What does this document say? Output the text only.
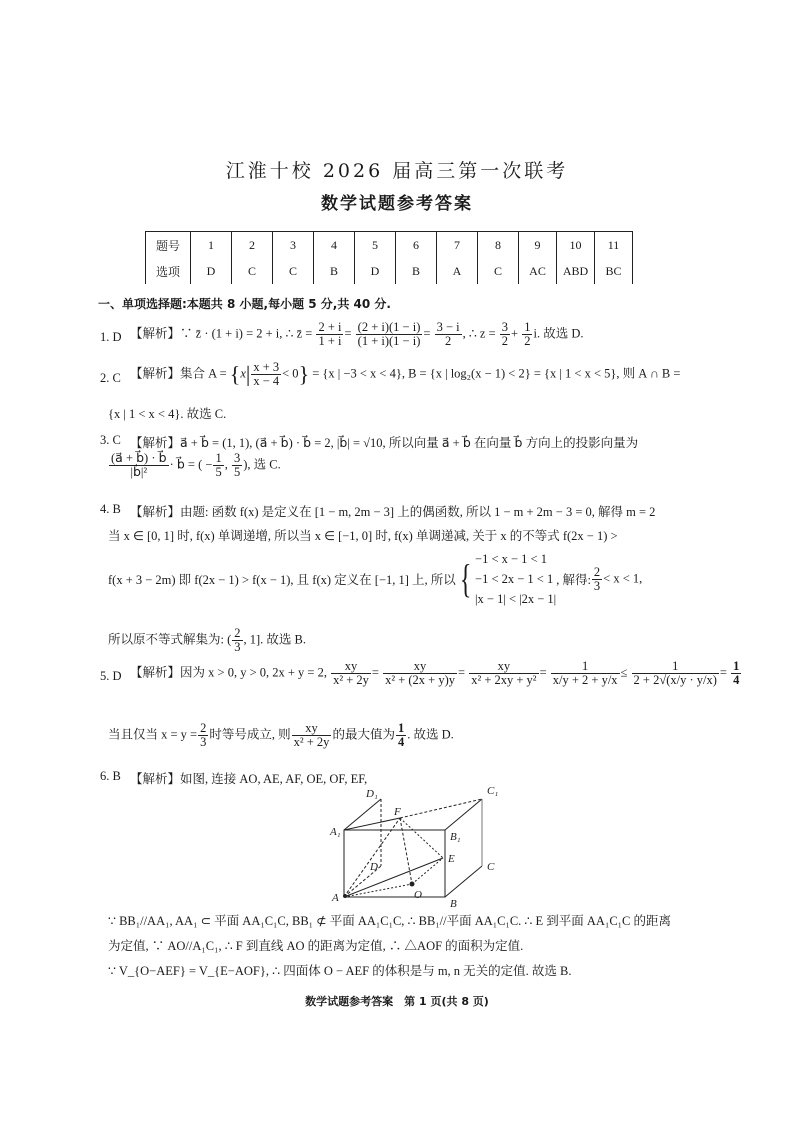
江淮十校 2026 届高三第一次联考
数学试题参考答案
题号	1	2	3	4	5	6	7	8	9	10	11
选项	D	C	C	B	D	B	A	C	AC	ABD	BC
一、单项选择题:本题共 8 小题,每小题 5 分,共 40 分.
1. D 【解析】∵ z̄ · (1 + i) = 2 + i, ∴ z̄ = $\frac{2 + i}{1 + i} = \frac{(2 + i)(1 - i)}{(1 + i)(1 - i)} = \frac{3 - i}{2}$ , ∴ $z = \frac{3}{2} + \frac{1}{2} i$. 故选 D.
2. C 【解析】集合 $A = \{x| \frac{x + 3}{x - 4} < 0\} = \{x$ | −3 < x < 4}, B = {x | log₂(x − 1) < 2} = {x | 1 < x < 5}, 则 A ∩ B =
{x | 1 < x < 4}. 故选 C.
3. C 【解析】a⃗ + b⃗ = (1, 1), (a⃗ + b⃗) · b⃗ = 2, |b⃗| = √10, 所以向量 a⃗ + b⃗ 在向量 b⃗ 方向上的投影向量为
$\frac{(a⃗ + b⃗) \cdot b⃗}{\text{|b⃗|²}}$ · b⃗ = ( − $\frac{1}{5}$ , $\frac{3}{5}$ ), 选 C.
4. B 【解析】由题: 函数 f(x) 是定义在 [1 − m, 2m − 3] 上的偶函数, 所以 1 − m + 2m − 3 = 0, 解得 m = 2
当 x ∈ [0, 1] 时, f(x) 单调递增, 所以当 x ∈ [−1, 0] 时, f(x) 单调递减, 关于 x 的不等式 f(2x − 1) >
f(x + 3 − 2m) 即 f(2x − 1) > f(x − 1), 且 f(x) 定义在 [−1, 1] 上, 所以{ −1 < x − 1 < 1
−1 < 2x − 1 < 1
|x − 1| < |2x − 1|
, 解得: $\frac{2}{3} < x < 1$,
所以原不等式解集为: ( $\frac{2}{3}$ , 1]. 故选 B.
5. D 【解析】因为 x > 0, y > 0, 2x + y = 2, $\frac{xy}{\text{x² + 2y}} = \frac{xy}{\text{x² + (2x + y)y}} = \frac{xy}{\text{x² + 2xy + y²}} = \frac{1}{x/y + 2 + y/x} \le \frac{1}{2 + 2√(x/y \cdot y/x)} = \frac{1}{4}$
当且仅当 $x = y = \frac{2}{3}$ 时等号成立, 则 $\frac{xy}{\text{x² + 2y}}$ 的最大值为 $\frac{1}{4}$ . 故选 D.
6. B 【解析】如图, 连接 AO, AE, AF, OE, OF, EF,
D₁
F
C₁
A₁	B₁
E
D	C
A	O
B
∵ BB₁//AA₁, AA₁ ⊂ 平面 AA₁C₁C, BB₁ ⊄ 平面 AA₁C₁C, ∴ BB₁//平面 AA₁C₁C. ∴ E 到平面 AA₁C₁C 的距离
为定值, ∵ AO//A₁C₁, ∴ F 到直线 AO 的距离为定值, ∴ △AOF 的面积为定值.
∵ V_{O−AEF} = V_{E−AOF}, ∴ 四面体 O − AEF 的体积是与 m, n 无关的定值. 故选 B.
数学试题参考答案　第 1 页(共 8 页)
